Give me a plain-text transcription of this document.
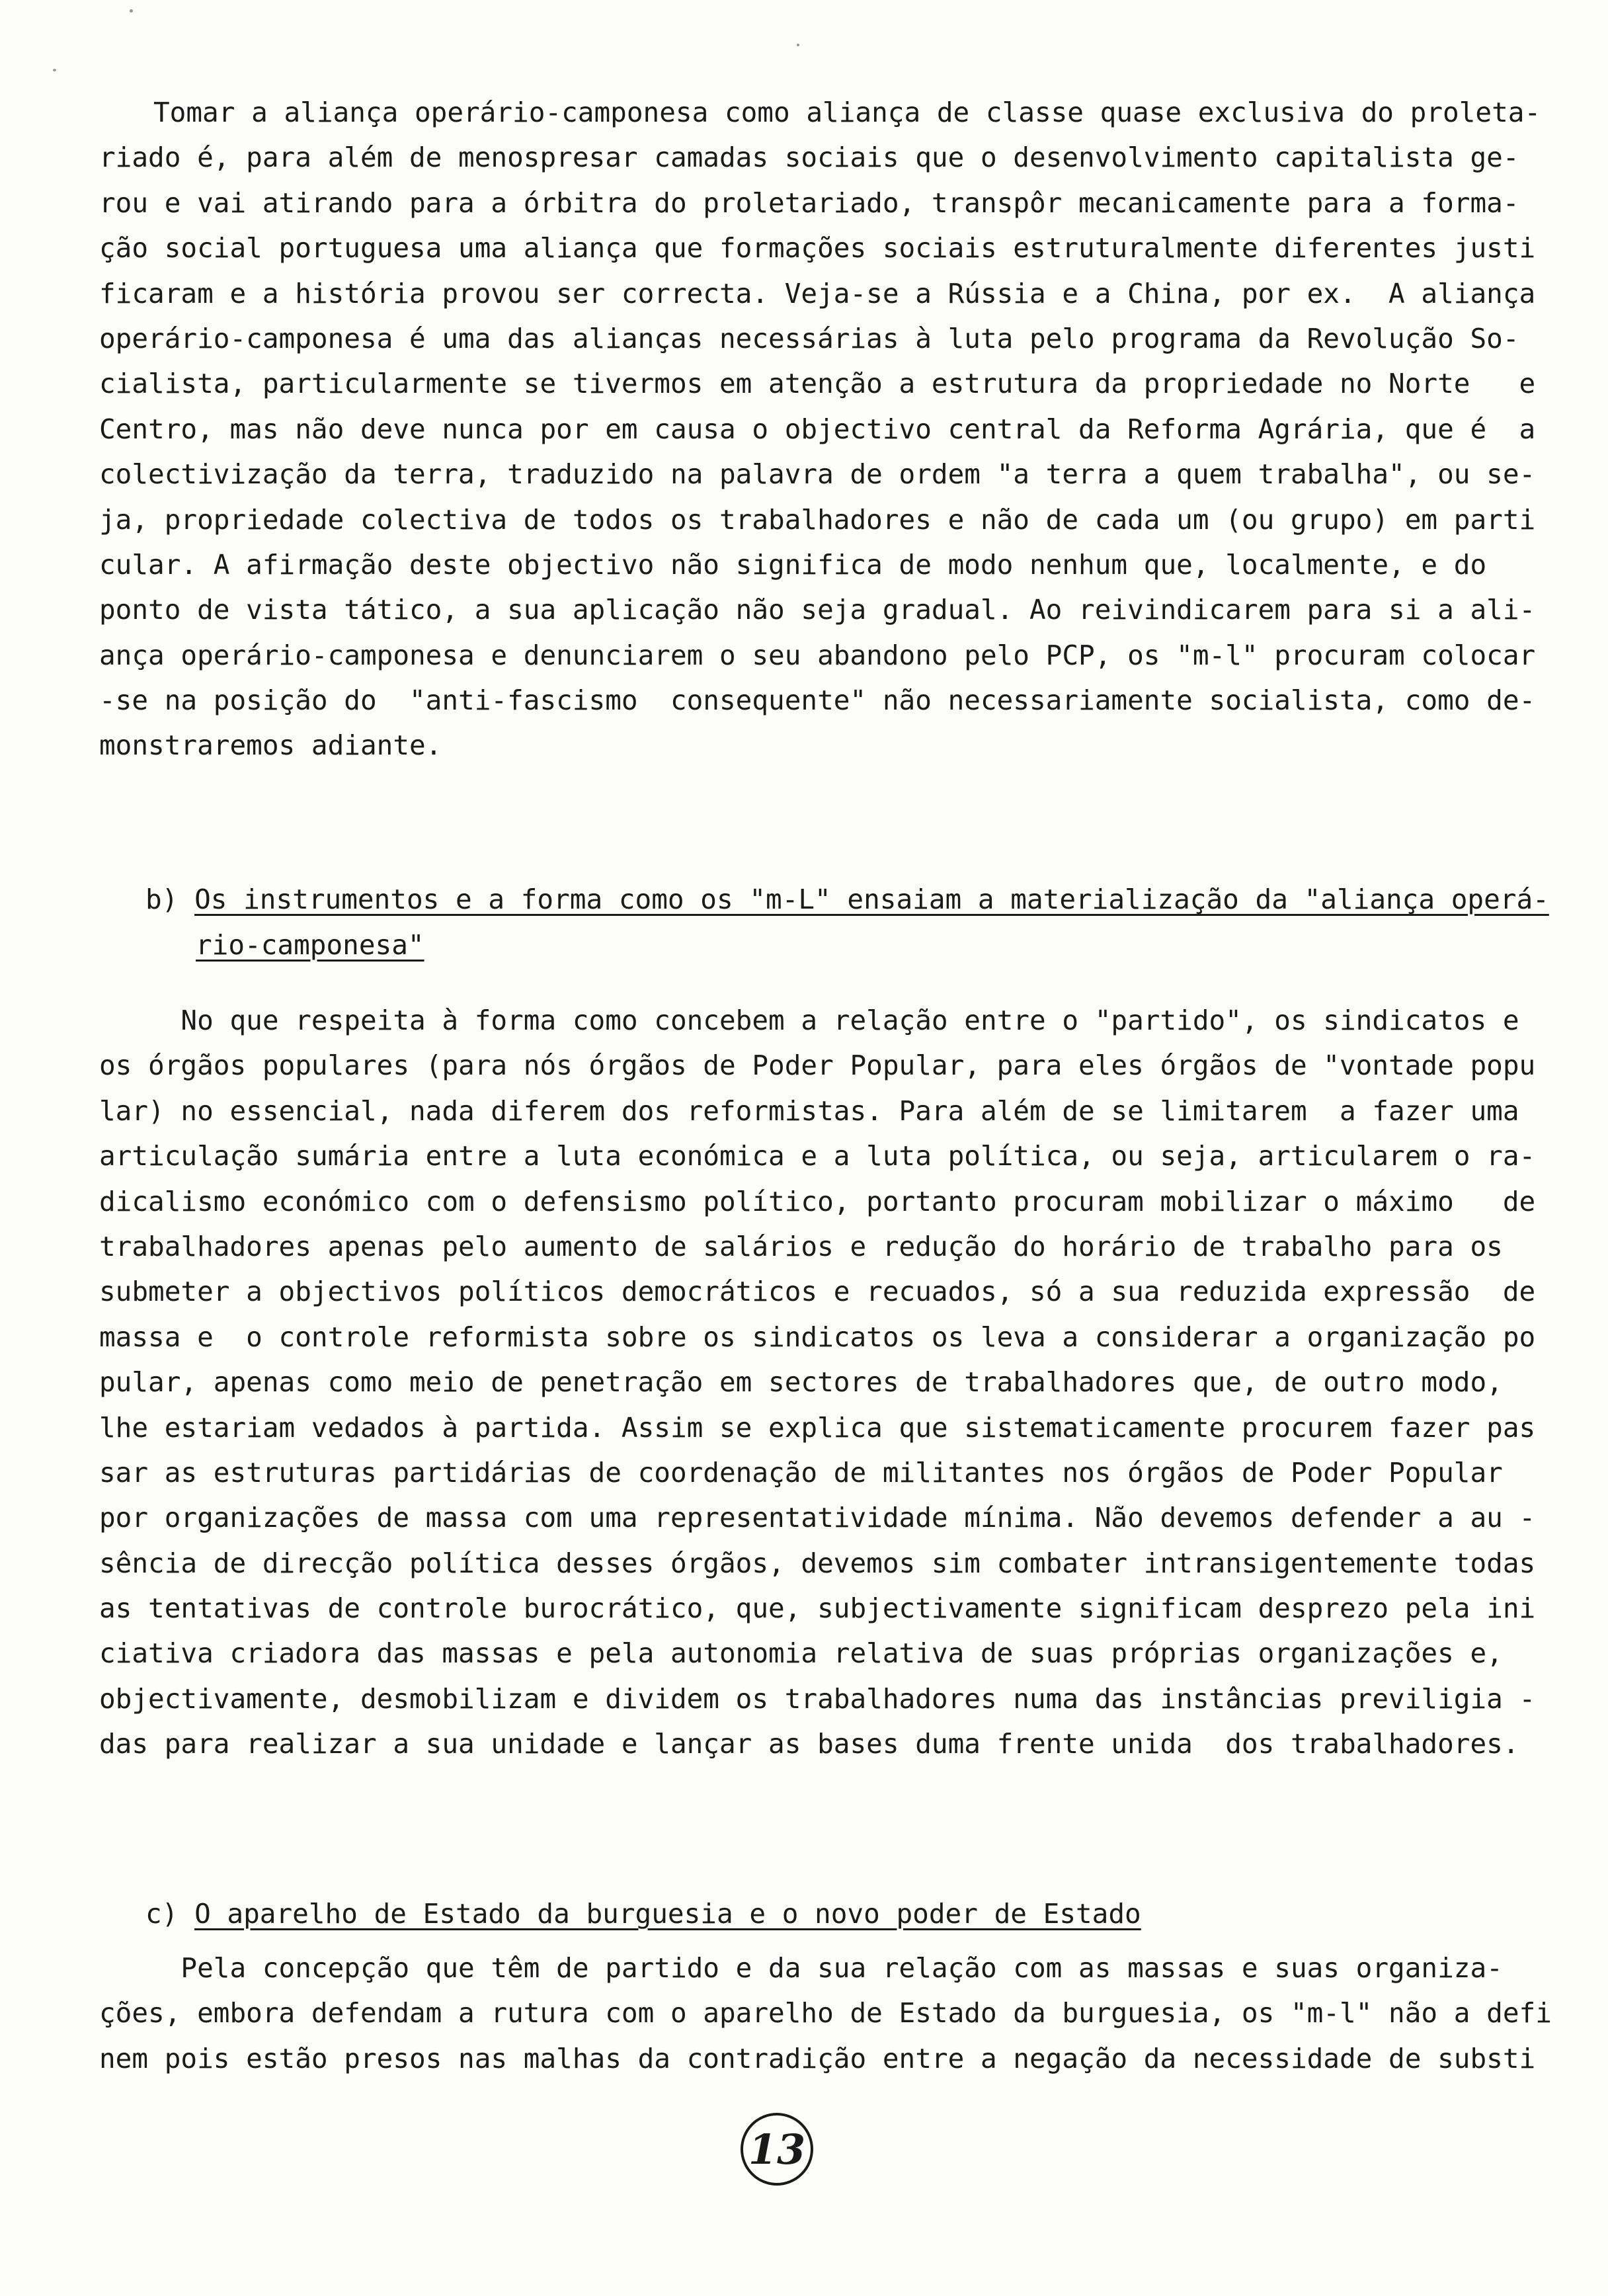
Tomar a aliança operário-camponesa como aliança de classe quase exclusiva do proleta-
riado é, para além de menospresar camadas sociais que o desenvolvimento capitalista ge-
rou e vai atirando para a órbitra do proletariado, transpôr mecanicamente para a forma-
ção social portuguesa uma aliança que formações sociais estruturalmente diferentes justi
ficaram e a história provou ser correcta. Veja-se a Rússia e a China, por ex.  A aliança
operário-camponesa é uma das alianças necessárias à luta pelo programa da Revolução So-
cialista, particularmente se tivermos em atenção a estrutura da propriedade no Norte   e
Centro, mas não deve nunca por em causa o objectivo central da Reforma Agrária, que é  a
colectivização da terra, traduzido na palavra de ordem "a terra a quem trabalha", ou se-
ja, propriedade colectiva de todos os trabalhadores e não de cada um (ou grupo) em parti
cular. A afirmação deste objectivo não significa de modo nenhum que, localmente, e do
ponto de vista tático, a sua aplicação não seja gradual. Ao reivindicarem para si a ali-
ança operário-camponesa e denunciarem o seu abandono pelo PCP, os "m-l" procuram colocar
-se na posição do  "anti-fascismo  consequente" não necessariamente socialista, como de-
monstraremos adiante.
b) Os instrumentos e a forma como os "m-L" ensaiam a materialização da "aliança operá-
rio-camponesa"
No que respeita à forma como concebem a relação entre o "partido", os sindicatos e
os órgãos populares (para nós órgãos de Poder Popular, para eles órgãos de "vontade popu
lar) no essencial, nada diferem dos reformistas. Para além de se limitarem  a fazer uma
articulação sumária entre a luta económica e a luta política, ou seja, articularem o ra-
dicalismo económico com o defensismo político, portanto procuram mobilizar o máximo   de
trabalhadores apenas pelo aumento de salários e redução do horário de trabalho para os
submeter a objectivos políticos democráticos e recuados, só a sua reduzida expressão  de
massa e  o controle reformista sobre os sindicatos os leva a considerar a organização po
pular, apenas como meio de penetração em sectores de trabalhadores que, de outro modo,
lhe estariam vedados à partida. Assim se explica que sistematicamente procurem fazer pas
sar as estruturas partidárias de coordenação de militantes nos órgãos de Poder Popular
por organizações de massa com uma representatividade mínima. Não devemos defender a au -
sência de direcção política desses órgãos, devemos sim combater intransigentemente todas
as tentativas de controle burocrático, que, subjectivamente significam desprezo pela ini
ciativa criadora das massas e pela autonomia relativa de suas próprias organizações e,
objectivamente, desmobilizam e dividem os trabalhadores numa das instâncias previligia -
das para realizar a sua unidade e lançar as bases duma frente unida  dos trabalhadores.
c) O aparelho de Estado da burguesia e o novo poder de Estado
Pela concepção que têm de partido e da sua relação com as massas e suas organiza-
ções, embora defendam a rutura com o aparelho de Estado da burguesia, os "m-l" não a defi
nem pois estão presos nas malhas da contradição entre a negação da necessidade de substi
13
